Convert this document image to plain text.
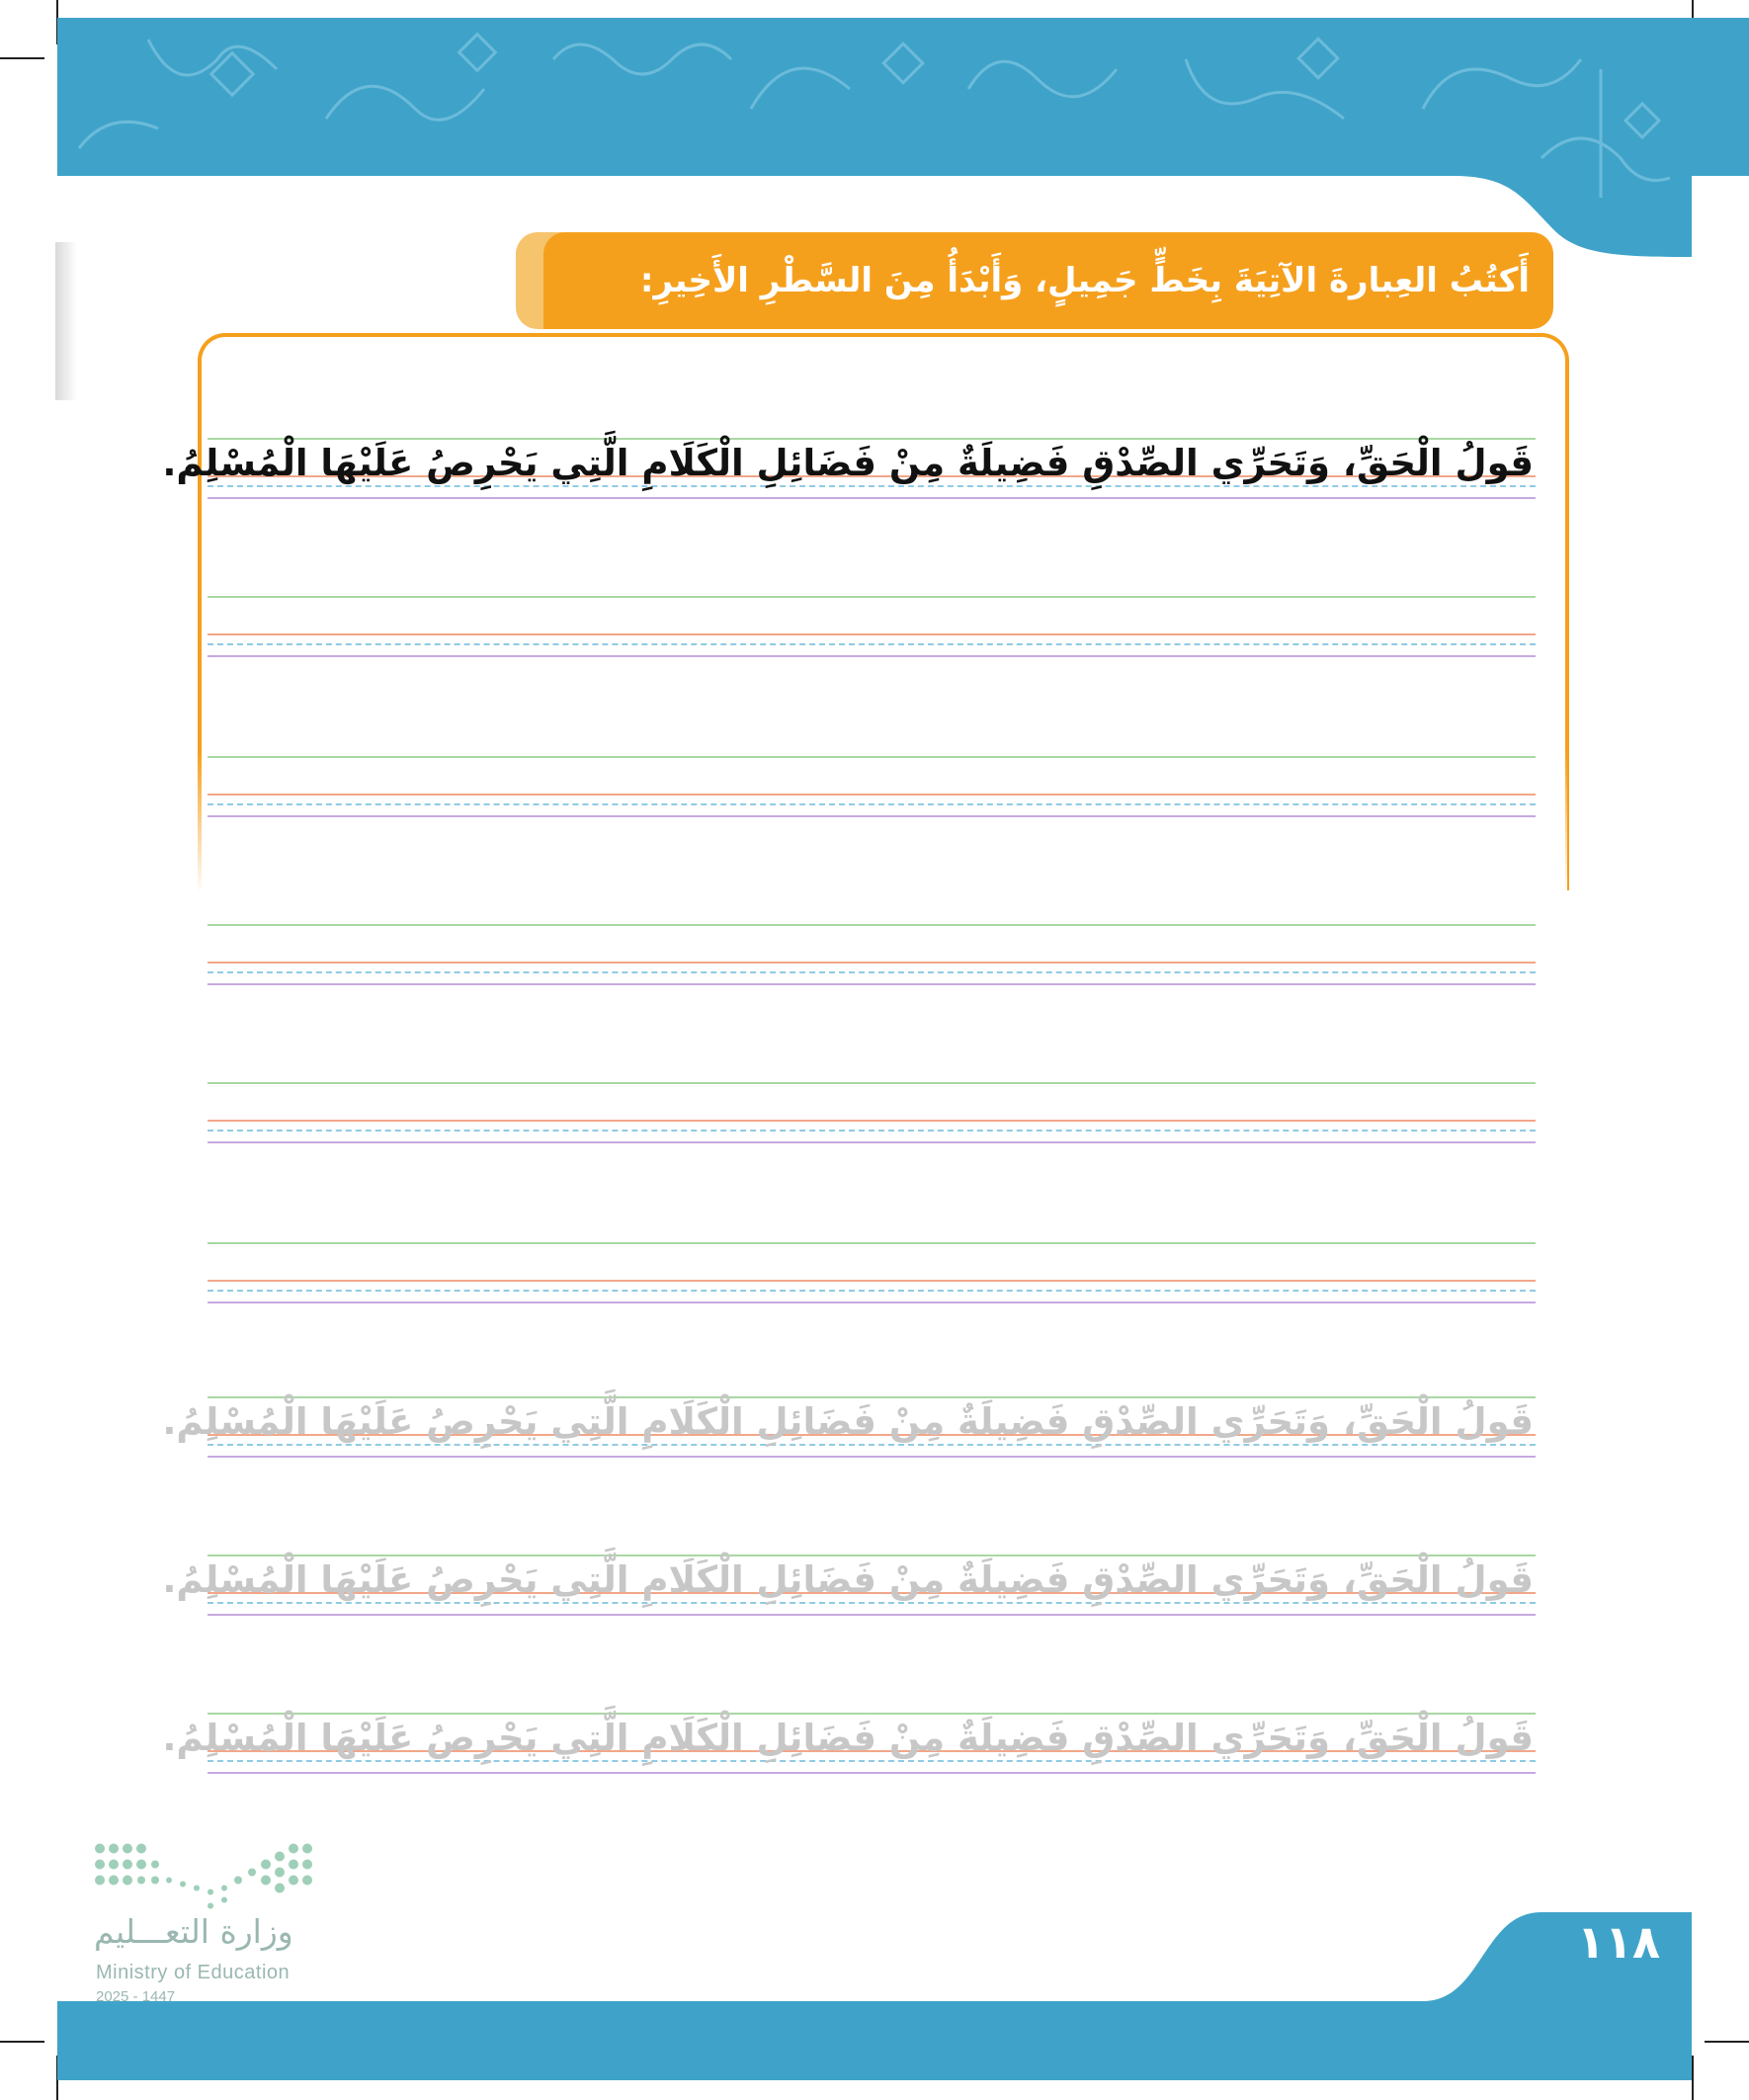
أَكتُبُ العِبارةَ الآتِيَةَ بِخَطٍّ جَمِيلٍ، وَأَبْدَأُ مِنَ السَّطْرِ الأَخِيرِ:
قَولُ الْحَقِّ، وَتَحَرِّي الصِّدْقِ فَضِيلَةٌ مِنْ فَضَائِلِ الْكَلَامِ الَّتِي يَحْرِصُ عَلَيْهَا الْمُسْلِمُ.
قَولُ الْحَقِّ، وَتَحَرِّي الصِّدْقِ فَضِيلَةٌ مِنْ فَضَائِلِ الْكَلَامِ الَّتِي يَحْرِصُ عَلَيْهَا الْمُسْلِمُ.
قَولُ الْحَقِّ، وَتَحَرِّي الصِّدْقِ فَضِيلَةٌ مِنْ فَضَائِلِ الْكَلَامِ الَّتِي يَحْرِصُ عَلَيْهَا الْمُسْلِمُ.
قَولُ الْحَقِّ، وَتَحَرِّي الصِّدْقِ فَضِيلَةٌ مِنْ فَضَائِلِ الْكَلَامِ الَّتِي يَحْرِصُ عَلَيْهَا الْمُسْلِمُ.
وزارة التعـــليم
Ministry of Education
2025 - 1447
١١٨
